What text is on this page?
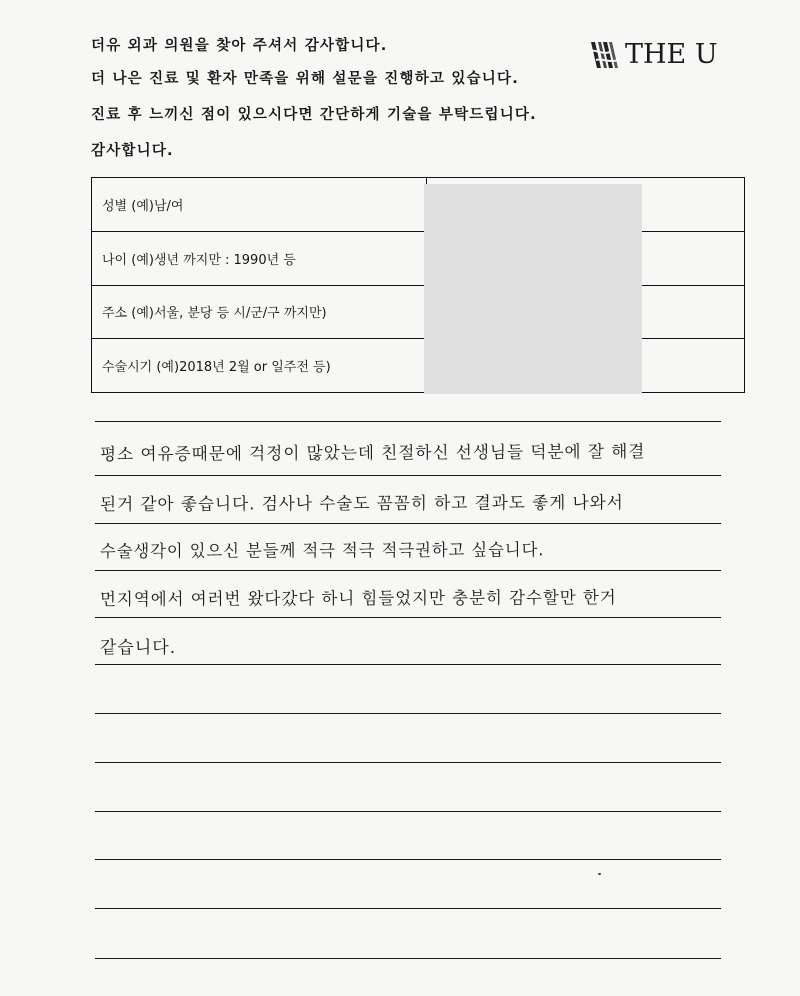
더유 외과 의원을 찾아 주셔서 감사합니다.
더 나은 진료 및 환자 만족을 위해 설문을 진행하고 있습니다.
진료 후 느끼신 점이 있으시다면 간단하게 기술을 부탁드립니다.
감사합니다.
THE U
성별 (예)남/여	
나이 (예)생년 까지만 : 1990년 등	
주소 (예)서울, 분당 등 시/군/구 까지만)	
수술시기 (예)2018년 2월 or 일주전 등)	
평소 여유증때문에 걱정이 많았는데 친절하신 선생님들 덕분에 잘 해결
된거 같아 좋습니다. 검사나 수술도 꼼꼼히 하고 결과도 좋게 나와서
수술생각이 있으신 분들께 적극 적극 적극권하고 싶습니다.
먼지역에서 여러번 왔다갔다 하니 힘들었지만 충분히 감수할만 한거
같습니다.
